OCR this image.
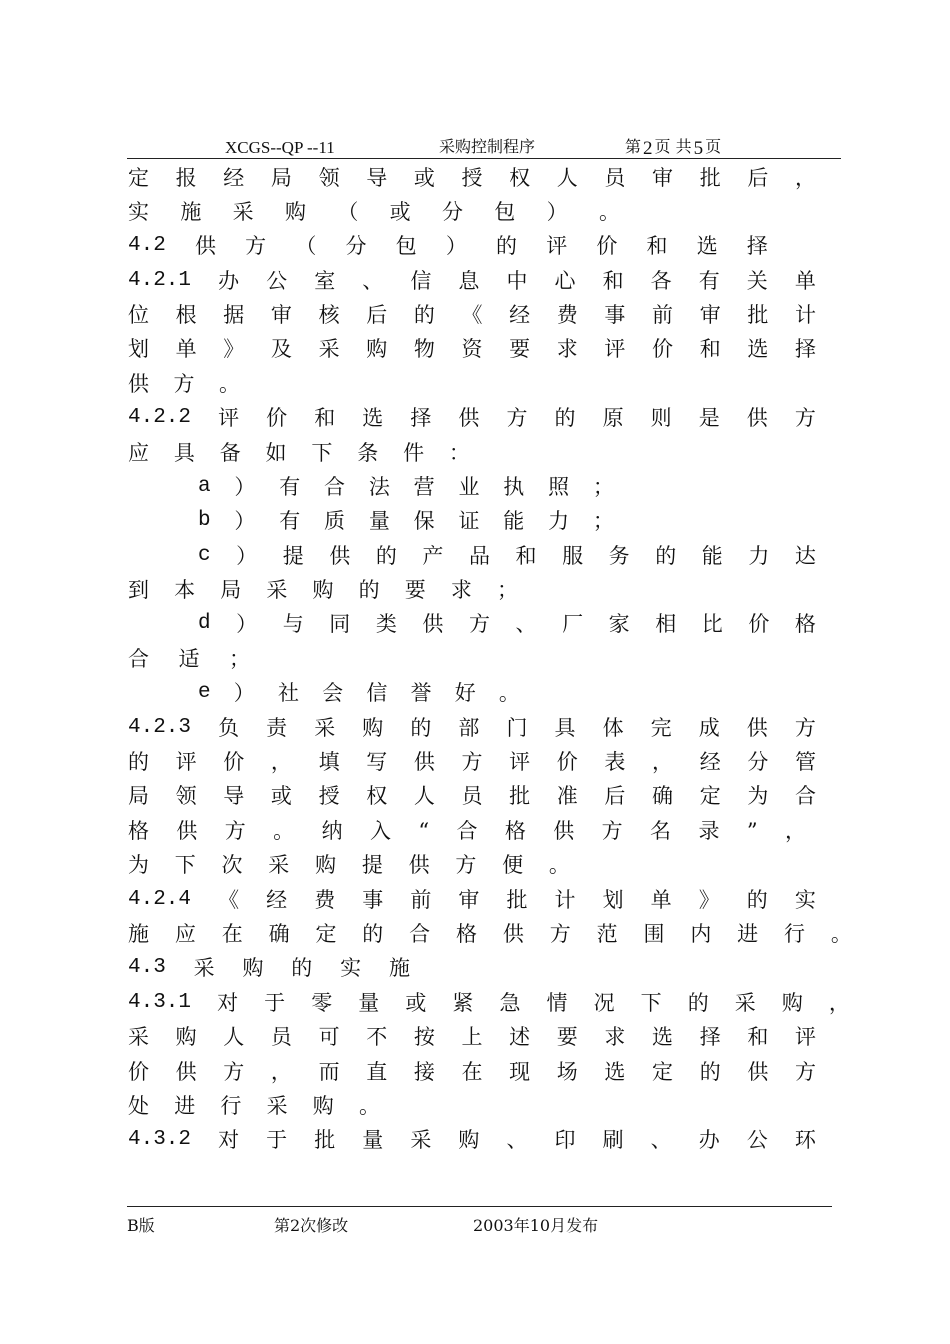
XCGS--QP --11	采购控制程序	第 2 页 共 5 页
定 报 经 局 领 导 或 授 权 人 员 审 批 后 ，
实 施 采 购 （ 或 分 包 ） 。
4.2 供 方 （ 分 包 ） 的 评 价 和 选 择
4.2.1 办 公 室 、 信 息 中 心 和 各 有 关 单
位 根 据 审 核 后 的 《 经 费 事 前 审 批 计
划 单 》 及 采 购 物 资 要 求 评 价 和 选 择
供 方 。
4.2.2 评 价 和 选 择 供 方 的 原 则 是 供 方
应 具 备 如 下 条 件 ：
a ） 有 合 法 营 业 执 照 ；
b ） 有 质 量 保 证 能 力 ；
c ） 提 供 的 产 品 和 服 务 的 能 力 达
到 本 局 采 购 的 要 求 ；
d ） 与 同 类 供 方 、 厂 家 相 比 价 格
合 适 ；
e ） 社 会 信 誉 好 。
4.2.3 负 责 采 购 的 部 门 具 体 完 成 供 方
的 评 价 ， 填 写 供 方 评 价 表 ， 经 分 管
局 领 导 或 授 权 人 员 批 准 后 确 定 为 合
格 供 方 。 纳 入 “ 合 格 供 方 名 录 ” ，
为 下 次 采 购 提 供 方 便 。
4.2.4 《 经 费 事 前 审 批 计 划 单 》 的 实
施 应 在 确 定 的 合 格 供 方 范 围 内 进 行 。
4.3 采 购 的 实 施
4.3.1 对 于 零 量 或 紧 急 情 况 下 的 采 购 ，
采 购 人 员 可 不 按 上 述 要 求 选 择 和 评
价 供 方 ， 而 直 接 在 现 场 选 定 的 供 方
处 进 行 采 购 。
4.3.2 对 于 批 量 采 购 、 印 刷 、 办 公 环
B版	第2次修改	2003年10月发布
